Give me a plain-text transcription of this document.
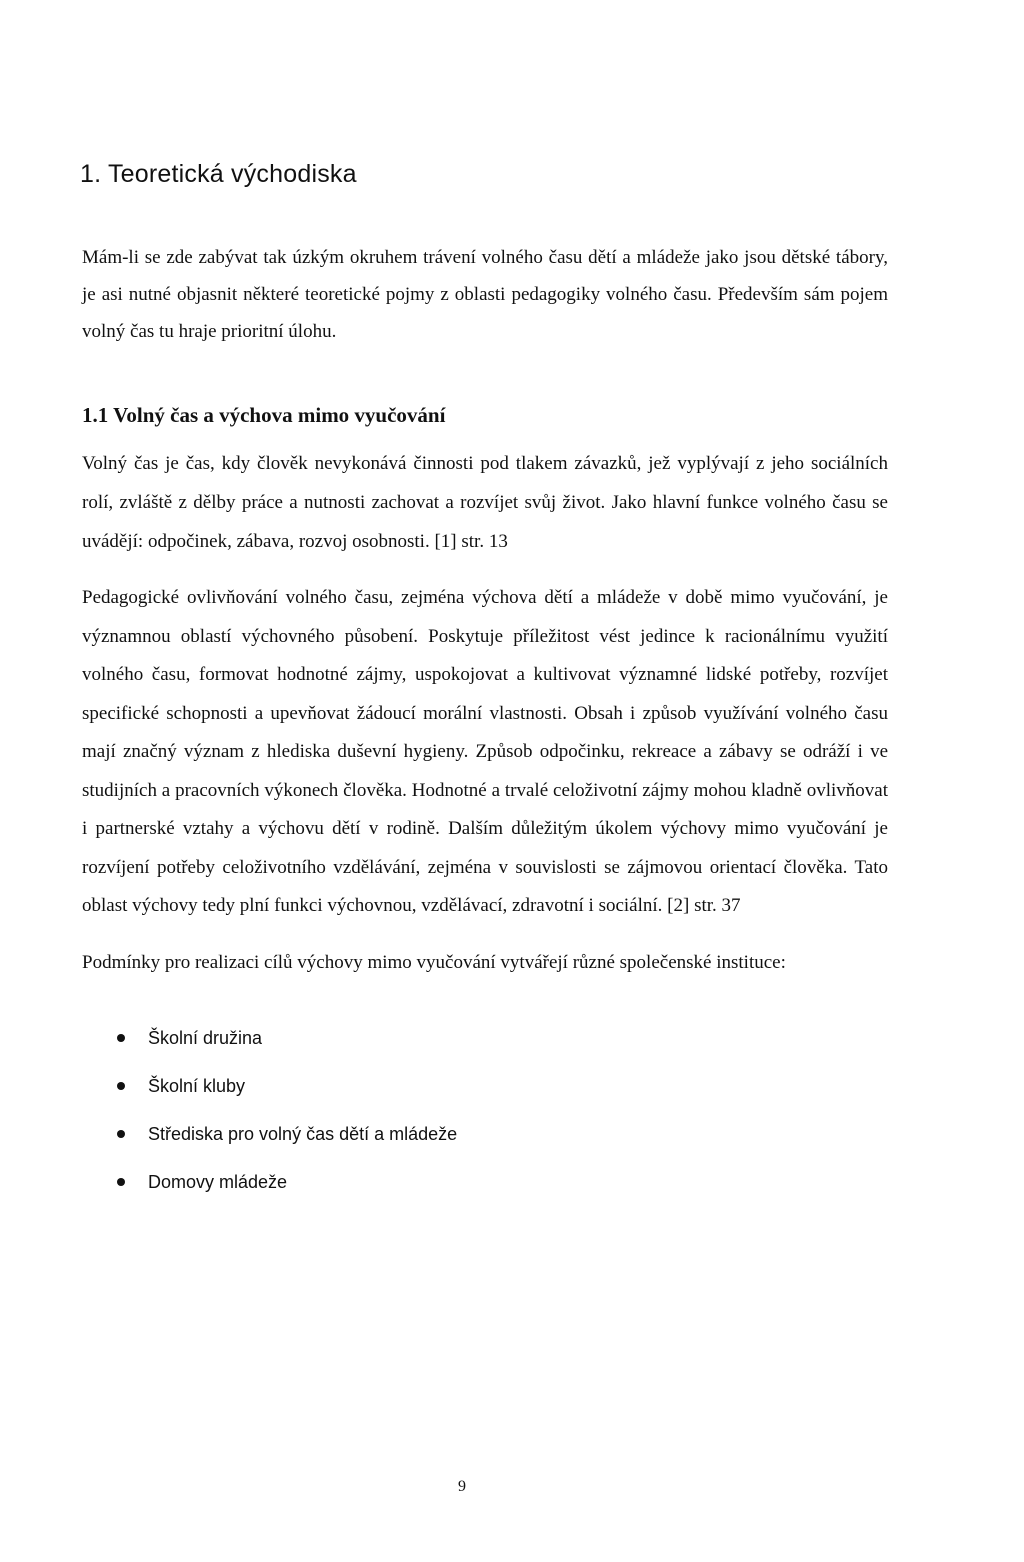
1. Teoretická východiska

Mám-li se zde zabývat tak úzkým okruhem trávení volného času dětí a mládeže jako jsou dětské tábory, je asi nutné objasnit některé teoretické pojmy z oblasti pedagogiky volného času. Především sám pojem volný čas tu hraje prioritní úlohu.

1.1 Volný čas a výchova mimo vyučování

Volný čas je čas, kdy člověk nevykonává činnosti pod tlakem závazků, jež vyplývají z jeho sociálních rolí, zvláště z dělby práce a nutnosti zachovat a rozvíjet svůj život. Jako hlavní funkce volného času se uvádějí: odpočinek, zábava, rozvoj osobnosti. [1] str. 13

Pedagogické ovlivňování volného času, zejména výchova dětí a mládeže v době mimo vyučování, je významnou oblastí výchovného působení. Poskytuje příležitost vést jedince k racionálnímu využití volného času, formovat hodnotné zájmy, uspokojovat a kultivovat významné lidské potřeby, rozvíjet specifické schopnosti a upevňovat žádoucí morální vlastnosti. Obsah i způsob využívání volného času mají značný význam z hlediska duševní hygieny. Způsob odpočinku, rekreace a zábavy se odráží i ve studijních a pracovních výkonech člověka. Hodnotné a trvalé celoživotní zájmy mohou kladně ovlivňovat i partnerské vztahy a výchovu dětí v rodině. Dalším důležitým úkolem výchovy mimo vyučování je rozvíjení potřeby celoživotního vzdělávání, zejména v souvislosti se zájmovou orientací člověka. Tato oblast výchovy tedy plní funkci výchovnou, vzdělávací, zdravotní i sociální. [2] str. 37

Podmínky pro realizaci cílů výchovy mimo vyučování vytvářejí různé společenské instituce:

Školní družina
Školní kluby
Střediska pro volný čas dětí a mládeže
Domovy mládeže
9
